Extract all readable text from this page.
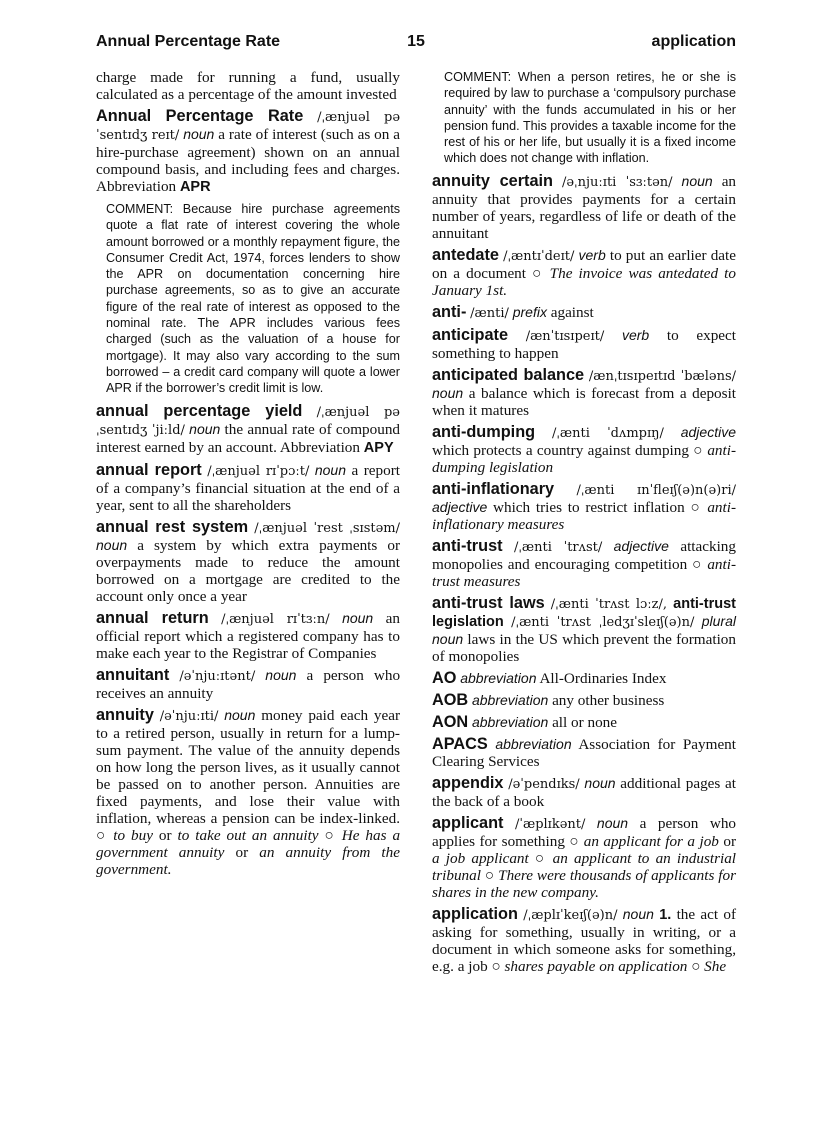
Annual Percentage Rate	15	application

charge made for running a fund, usually calculated as a percentage of the amount invested

Annual Percentage Rate /ˌænjuəl pəˈsentɪdʒ reɪt/ noun a rate of interest (such as on a hire-purchase agreement) shown on an annual compound basis, and including fees and charges. Abbreviation APR

COMMENT: Because hire purchase agreements quote a flat rate of interest covering the whole amount borrowed or a monthly repayment figure, the Consumer Credit Act, 1974, forces lenders to show the APR on documentation concerning hire purchase agreements, so as to give an accurate figure of the real rate of interest as opposed to the nominal rate. The APR includes various fees charged (such as the valuation of a house for mortgage). It may also vary according to the sum borrowed – a credit card company will quote a lower APR if the borrower’s credit limit is low.

annual percentage yield /ˌænjuəl pəˌsentɪdʒ ˈjiːld/ noun the annual rate of compound interest earned by an account. Abbreviation APY

annual report /ˌænjuəl rɪˈpɔːt/ noun a report of a company’s financial situation at the end of a year, sent to all the shareholders

annual rest system /ˌænjuəl ˈrest ˌsɪstəm/ noun a system by which extra payments or overpayments made to reduce the amount borrowed on a mortgage are credited to the account only once a year

annual return /ˌænjuəl rɪˈtɜːn/ noun an official report which a registered company has to make each year to the Registrar of Companies

annuitant /əˈnjuːɪtənt/ noun a person who receives an annuity

annuity /əˈnjuːɪti/ noun money paid each year to a retired person, usually in return for a lump-sum payment. The value of the annuity depends on how long the person lives, as it usually cannot be passed on to another person. Annuities are fixed payments, and lose their value with inflation, whereas a pension can be index-linked. ○ to buy or to take out an annuity ○ He has a government annuity or an annuity from the government.

COMMENT: When a person retires, he or she is required by law to purchase a ‘compulsory purchase annuity’ with the funds accumulated in his or her pension fund. This provides a taxable income for the rest of his or her life, but usually it is a fixed income which does not change with inflation.

annuity certain /əˌnjuːɪti ˈsɜːtən/ noun an annuity that provides payments for a certain number of years, regardless of life or death of the annuitant

antedate /ˌæntɪˈdeɪt/ verb to put an earlier date on a document ○ The invoice was antedated to January 1st.

anti- /ænti/ prefix against

anticipate /ænˈtɪsɪpeɪt/ verb to expect something to happen

anticipated balance /ænˌtɪsɪpeɪtɪd ˈbæləns/ noun a balance which is forecast from a deposit when it matures

anti-dumping /ˌænti ˈdʌmpɪŋ/ adjective which protects a country against dumping ○ anti-dumping legislation

anti-inflationary /ˌænti ɪnˈfleɪʃ(ə)n(ə)ri/ adjective which tries to restrict inflation ○ anti-inflationary measures

anti-trust /ˌænti ˈtrʌst/ adjective attacking monopolies and encouraging competition ○ anti-trust measures

anti-trust laws /ˌænti ˈtrʌst lɔːz/, anti-trust legislation /ˌænti ˈtrʌst ˌledʒɪˈsleɪʃ(ə)n/ plural noun laws in the US which prevent the formation of monopolies

AO abbreviation All-Ordinaries Index

AOB abbreviation any other business

AON abbreviation all or none

APACS abbreviation Association for Payment Clearing Services

appendix /əˈpendɪks/ noun additional pages at the back of a book

applicant /ˈæplɪkənt/ noun a person who applies for something ○ an applicant for a job or a job applicant ○ an applicant to an industrial tribunal ○ There were thousands of applicants for shares in the new company.

application /ˌæplɪˈkeɪʃ(ə)n/ noun 1. the act of asking for something, usually in writing, or a document in which someone asks for something, e.g. a job ○ shares payable on application ○ She
